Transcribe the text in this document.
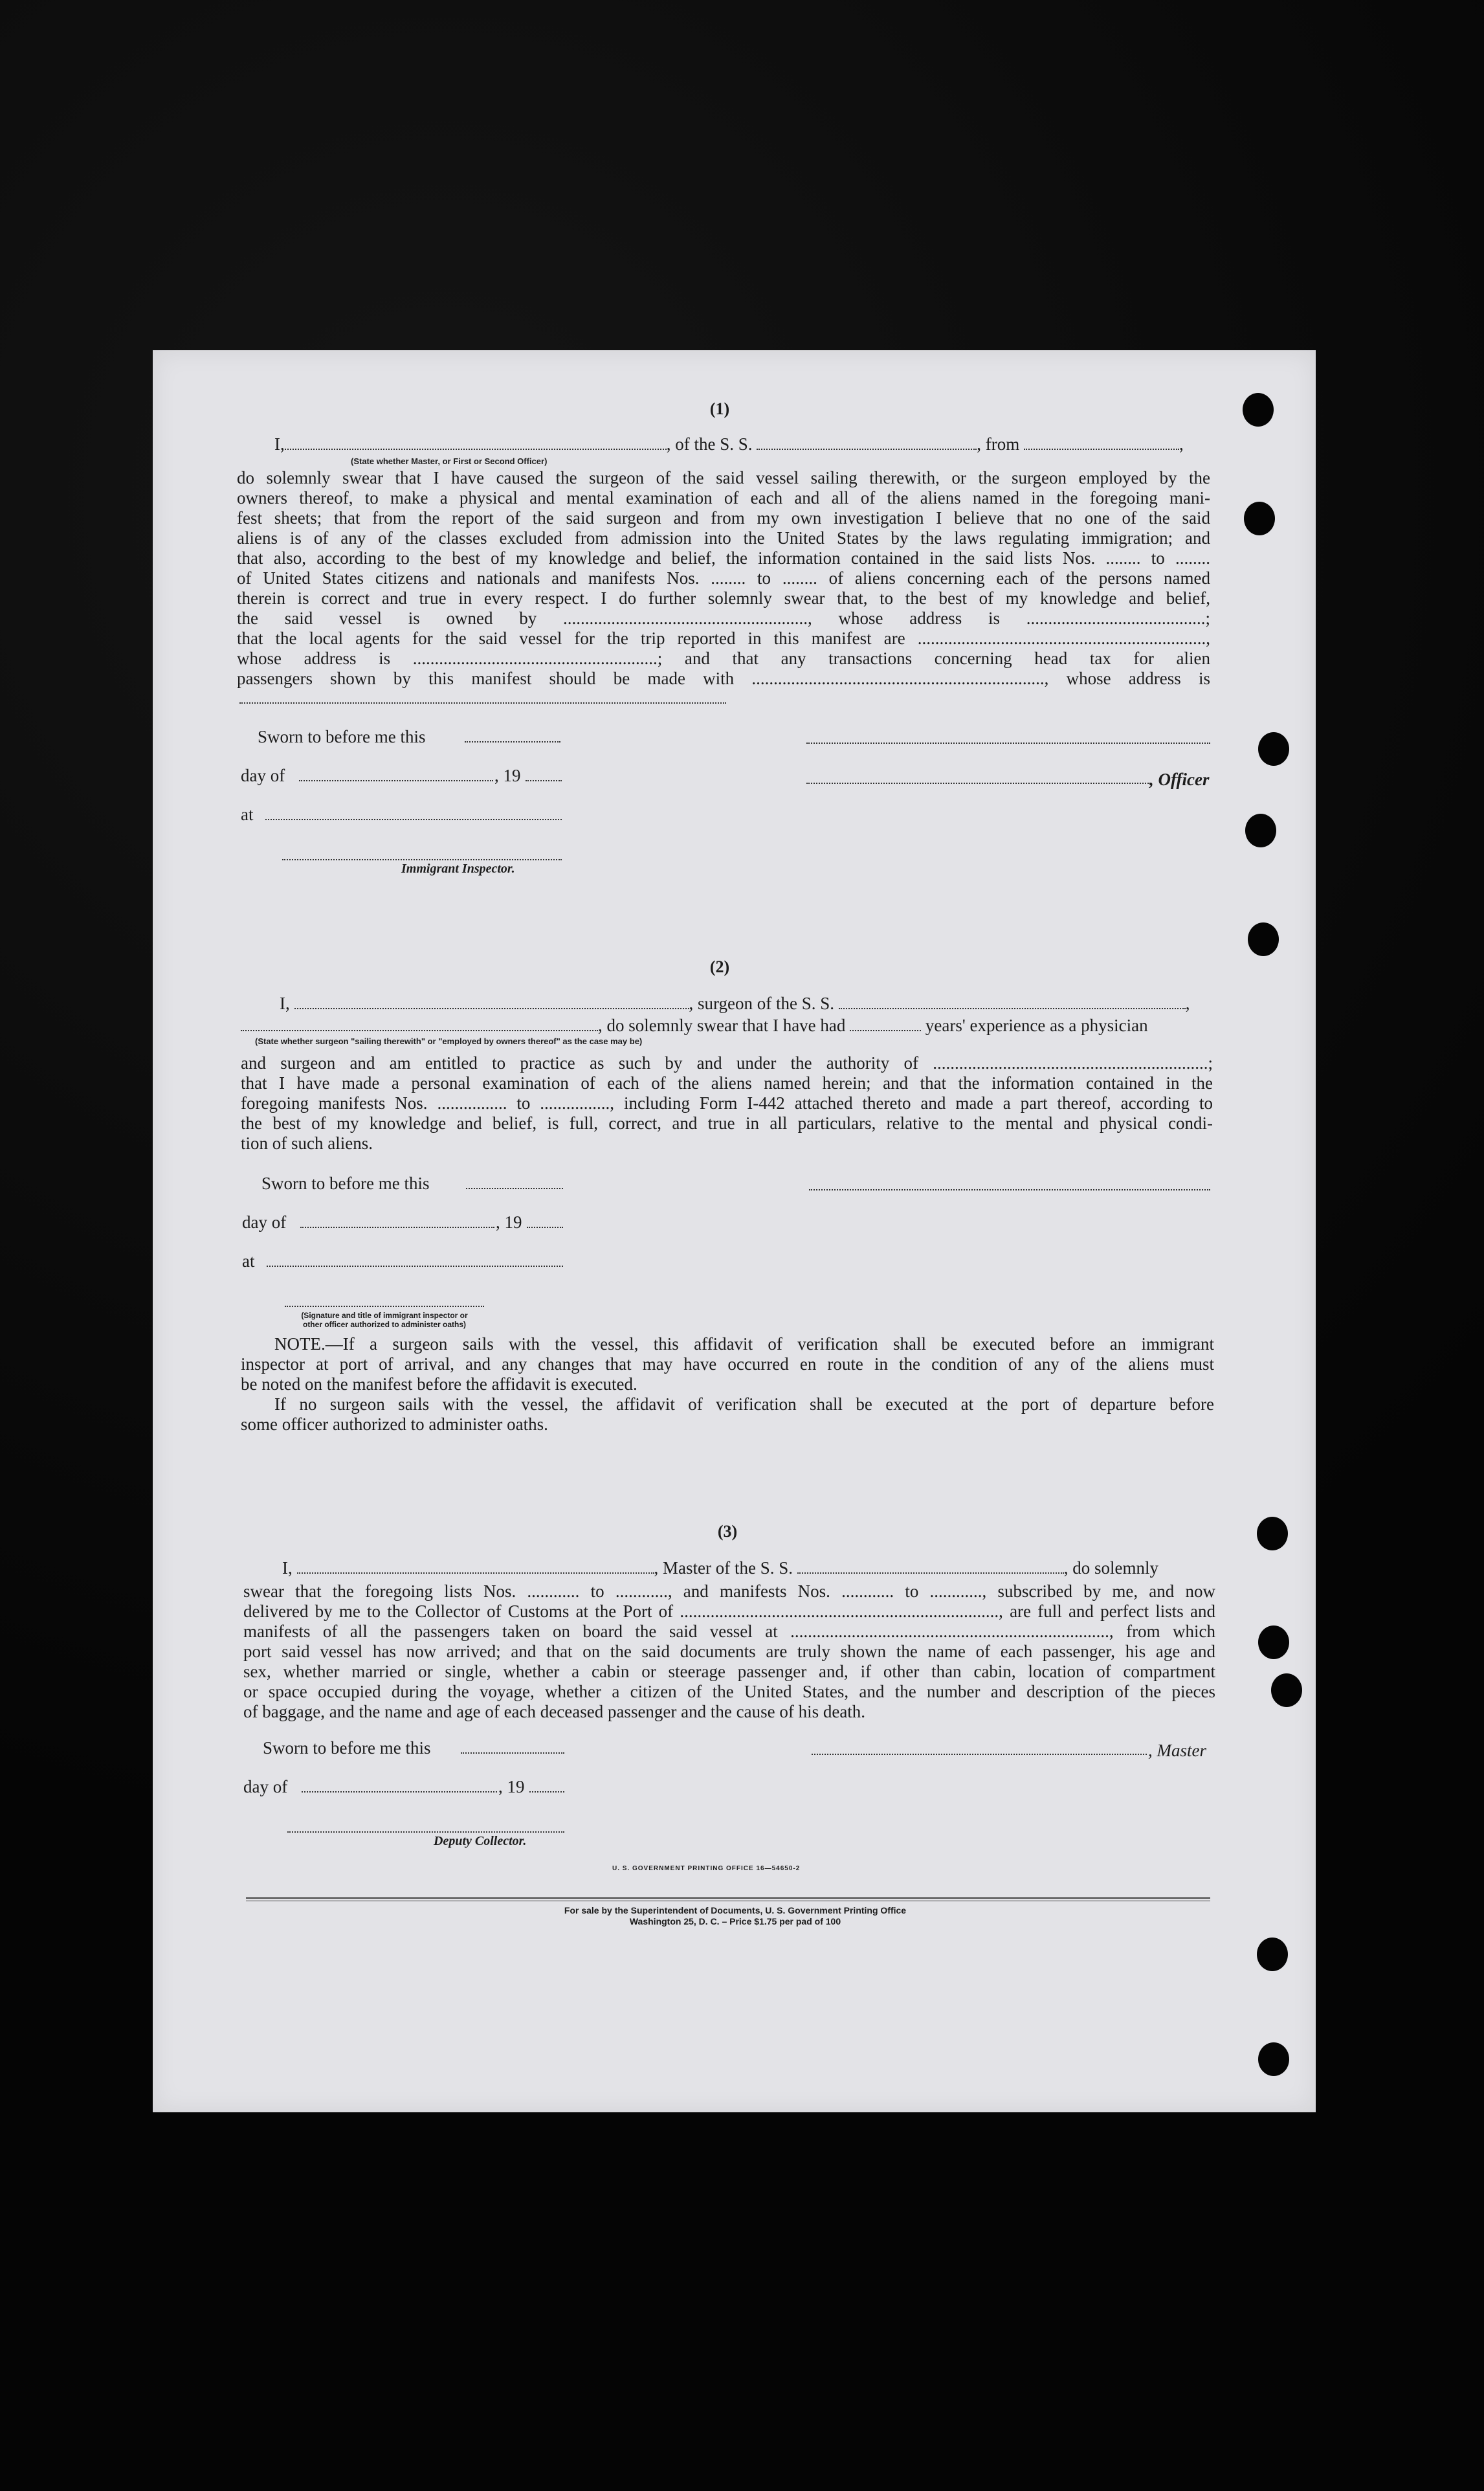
(1)
I,	, of the S. S.	, from	,
(State whether Master, or First or Second Officer)
do solemnly swear that I have caused the surgeon of the said vessel sailing therewith, or the surgeon employed by the
owners thereof, to make a physical and mental examination of each and all of the aliens named in the foregoing mani-
fest sheets; that from the report of the said surgeon and from my own investigation I believe that no one of the said
aliens is of any of the classes excluded from admission into the United States by the laws regulating immigration; and
that also, according to the best of my knowledge and belief, the information contained in the said lists Nos. ........ to ........
of United States citizens and nationals and manifests Nos. ........ to ........ of aliens concerning each of the persons named
therein is correct and true in every respect. I do further solemnly swear that, to the best of my knowledge and belief,
the said vessel is owned by ........................................................, whose address is .........................................;
that the local agents for the said vessel for the trip reported in this manifest are ..................................................................,
whose address is ........................................................; and that any transactions concerning head tax for alien
passengers shown by this manifest should be made with ..................................................................., whose address is
Sworn to before me this
day of	, 19	, Officer
at
Immigrant Inspector.
(2)
I,	, surgeon of the S. S.	,
, do solemnly swear that I have had	years' experience as a physician
(State whether surgeon "sailing therewith" or "employed by owners thereof" as the case may be)
and surgeon and am entitled to practice as such by and under the authority of ...............................................................;
that I have made a personal examination of each of the aliens named herein; and that the information contained in the
foregoing manifests Nos. ................ to ................, including Form I-442 attached thereto and made a part thereof, according to
the best of my knowledge and belief, is full, correct, and true in all particulars, relative to the mental and physical condi-
tion of such aliens.
Sworn to before me this
day of	, 19
at
(Signature and title of immigrant inspector or
other officer authorized to administer oaths)
NOTE.—If a surgeon sails with the vessel, this affidavit of verification shall be executed before an immigrant
inspector at port of arrival, and any changes that may have occurred en route in the condition of any of the aliens must
be noted on the manifest before the affidavit is executed.
If no surgeon sails with the vessel, the affidavit of verification shall be executed at the port of departure before
some officer authorized to administer oaths.
(3)
I,	, Master of the S. S.	, do solemnly
swear that the foregoing lists Nos. ............ to ............, and manifests Nos. ............ to ............, subscribed by me, and now
delivered by me to the Collector of Customs at the Port of ........................................................................., are full and perfect lists and
manifests of all the passengers taken on board the said vessel at ........................................................................., from which
port said vessel has now arrived; and that on the said documents are truly shown the name of each passenger, his age and
sex, whether married or single, whether a cabin or steerage passenger and, if other than cabin, location of compartment
or space occupied during the voyage, whether a citizen of the United States, and the number and description of the pieces
of baggage, and the name and age of each deceased passenger and the cause of his death.
Sworn to before me this	, Master
day of	, 19
Deputy Collector.
U. S. GOVERNMENT PRINTING OFFICE 16—54650-2
For sale by the Superintendent of Documents, U. S. Government Printing Office
Washington 25, D. C. – Price $1.75 per pad of 100
